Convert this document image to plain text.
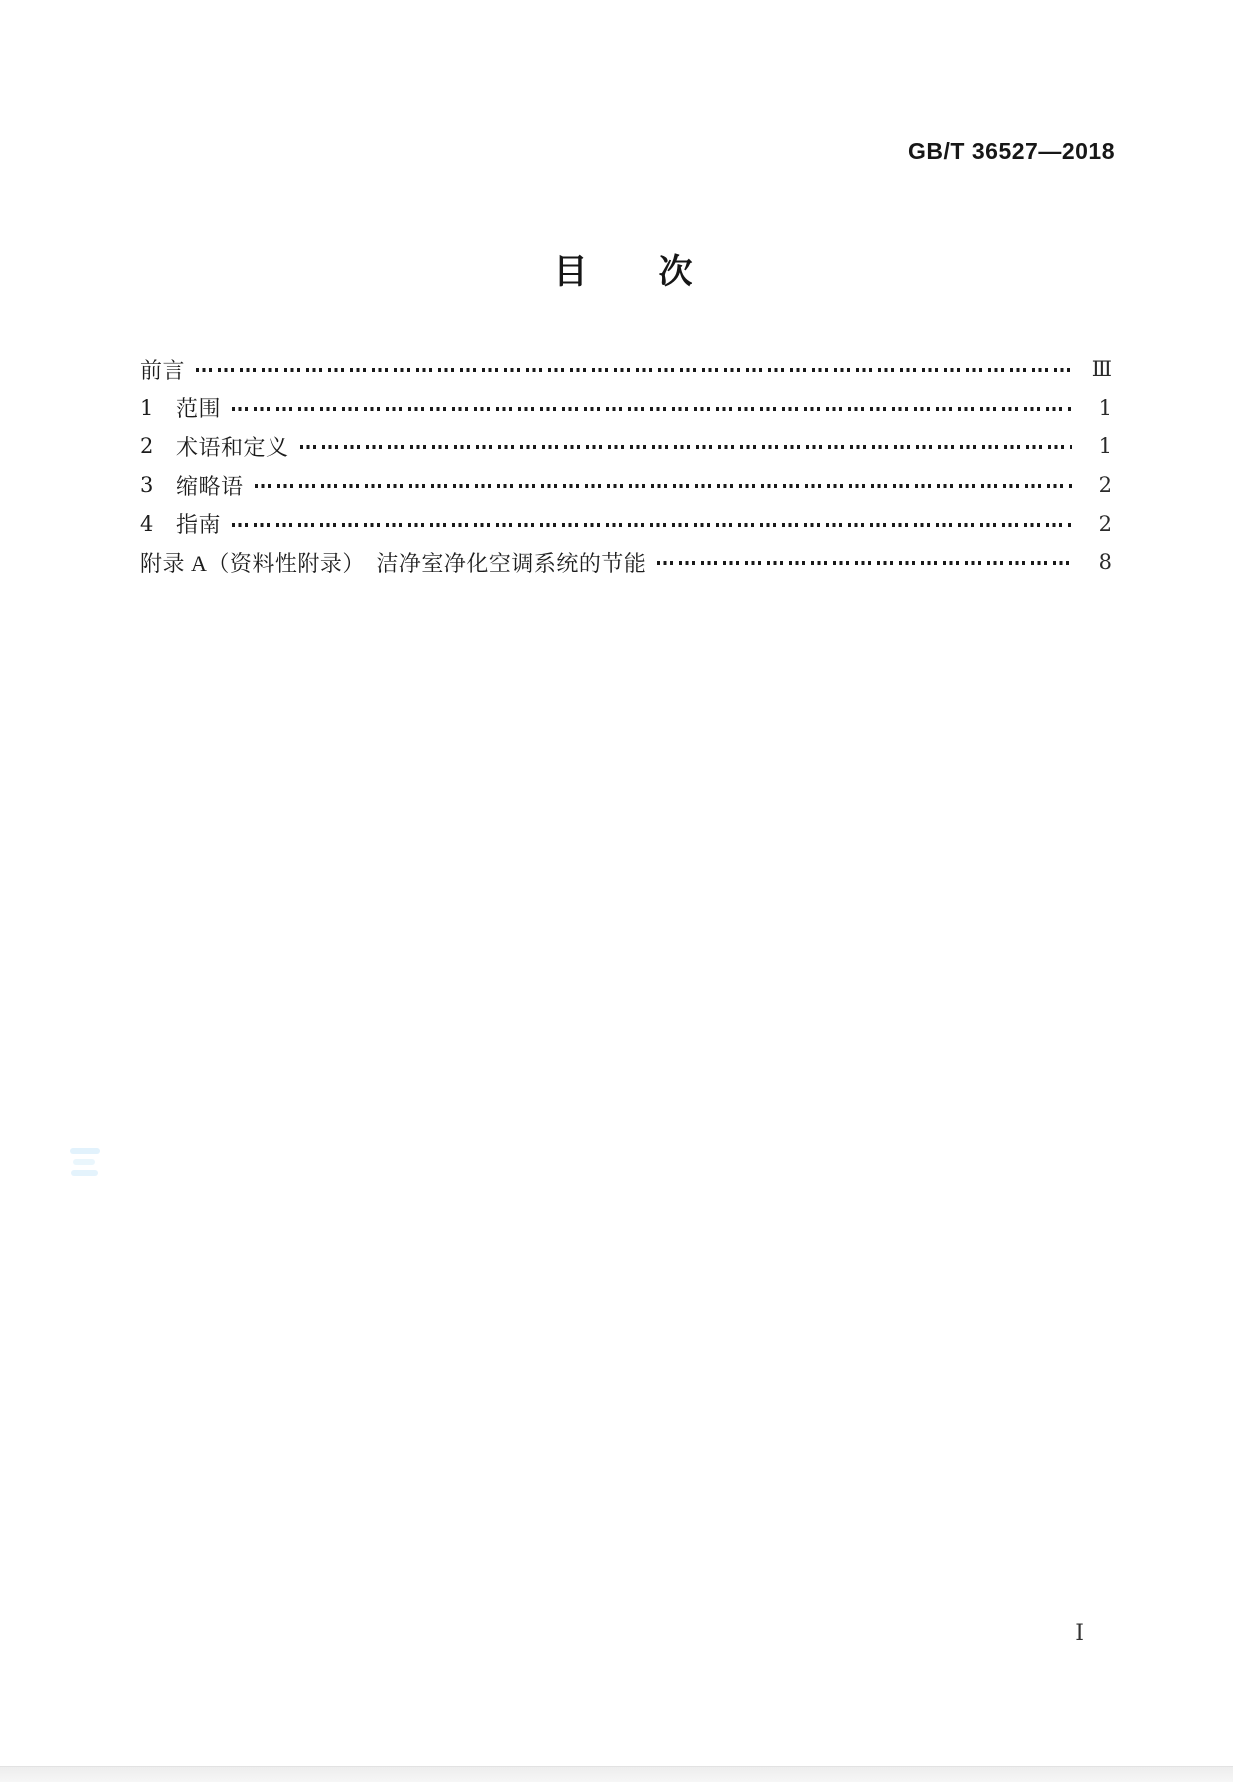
GB/T 36527—2018
目　　次
前言	Ⅲ
1	范围	1
2	术语和定义	1
3	缩略语	2
4	指南	2
附录 A（资料性附录）　洁净室净化空调系统的节能	8
Ⅰ
